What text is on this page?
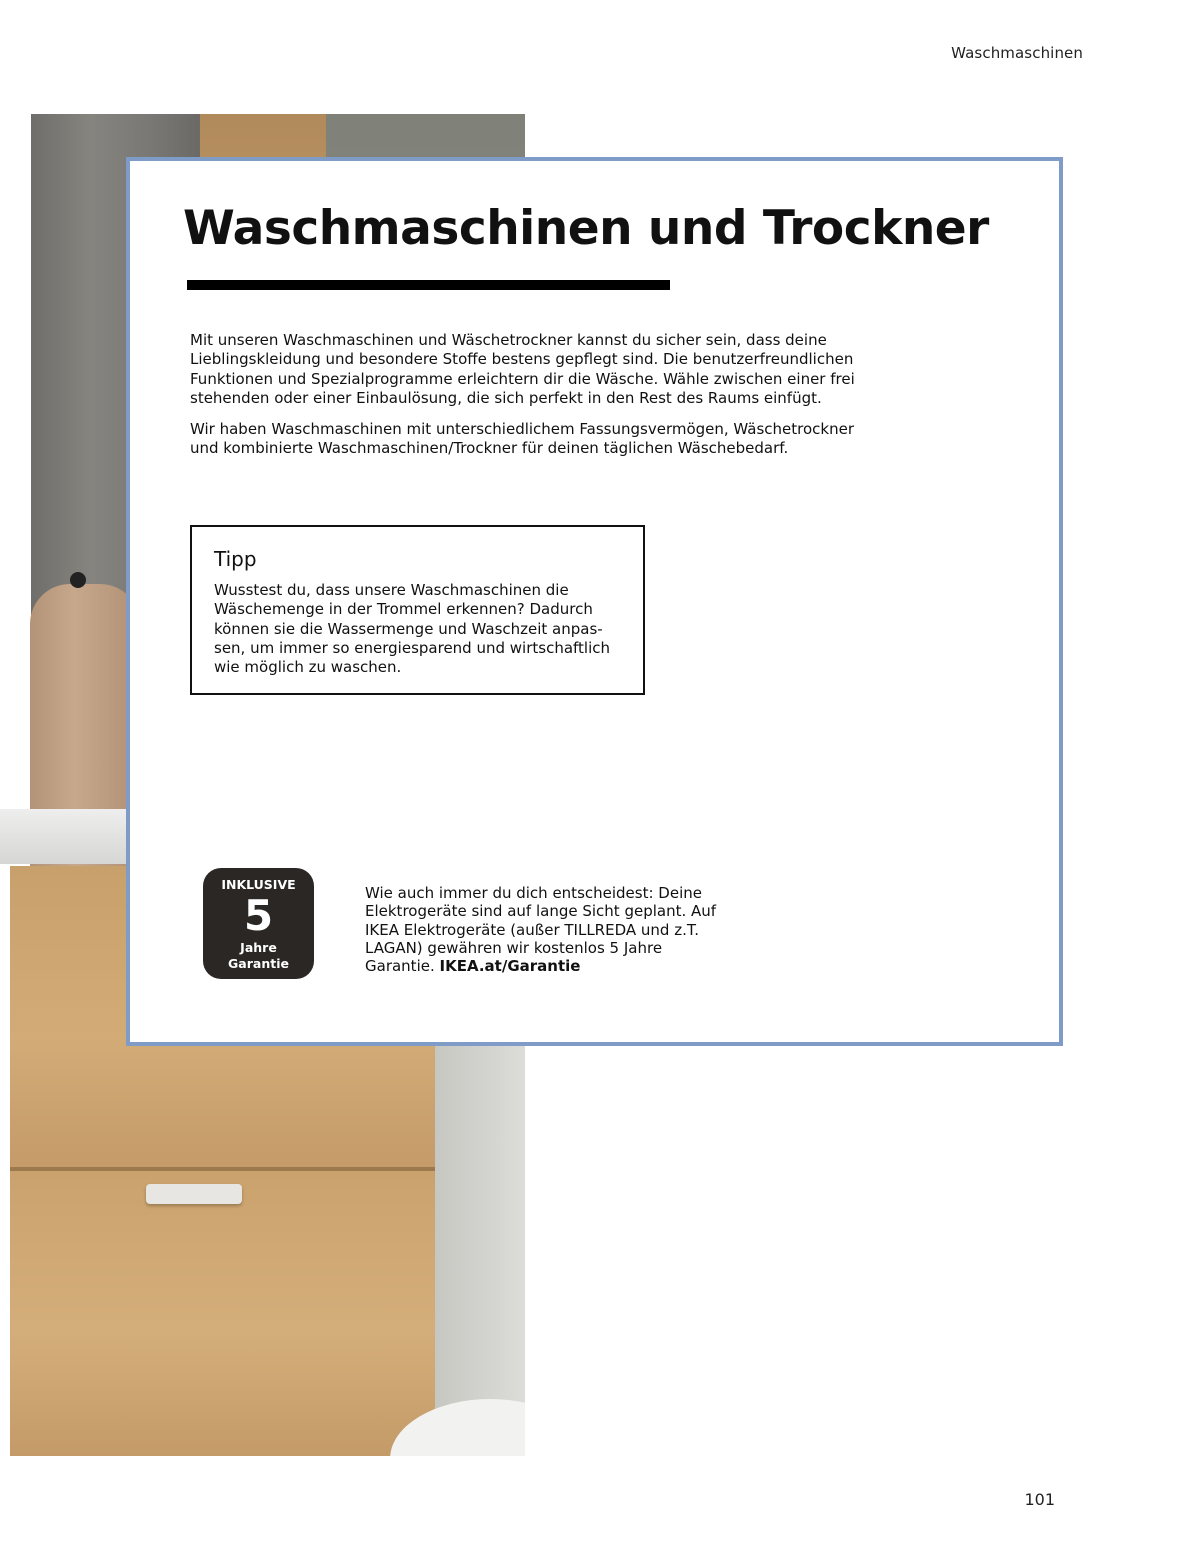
Waschmaschinen
Waschmaschinen und Trockner

Mit unseren Waschmaschinen und Wäschetrockner kannst du sicher sein, dass deine Lieblingskleidung und besondere Stoffe bestens gepflegt sind. Die benutzerfreundlichen Funktionen und Spezialprogramme erleichtern dir die Wäsche. Wähle zwischen einer frei stehenden oder einer Einbaulösung, die sich perfekt in den Rest des Raums einfügt.

Wir haben Waschmaschinen mit unterschiedlichem Fassungsvermögen, Wäschetrockner und kombinierte Waschmaschinen/Trockner für deinen täglichen Wäschebedarf.

Tipp

Wusstest du, dass unsere Waschmaschinen die Wäschemenge in der Trommel erkennen? Dadurch können sie die Wassermenge und Waschzeit anpas-sen, um immer so energiesparend und wirtschaftlich wie möglich zu waschen.

INKLUSIVE
5
Jahre
Garantie

Wie auch immer du dich entscheidest: Deine Elektrogeräte sind auf lange Sicht geplant. Auf IKEA Elektrogeräte (außer TILLREDA und z.T. LAGAN) gewähren wir kostenlos 5 Jahre Garantie. IKEA.at/Garantie

101
